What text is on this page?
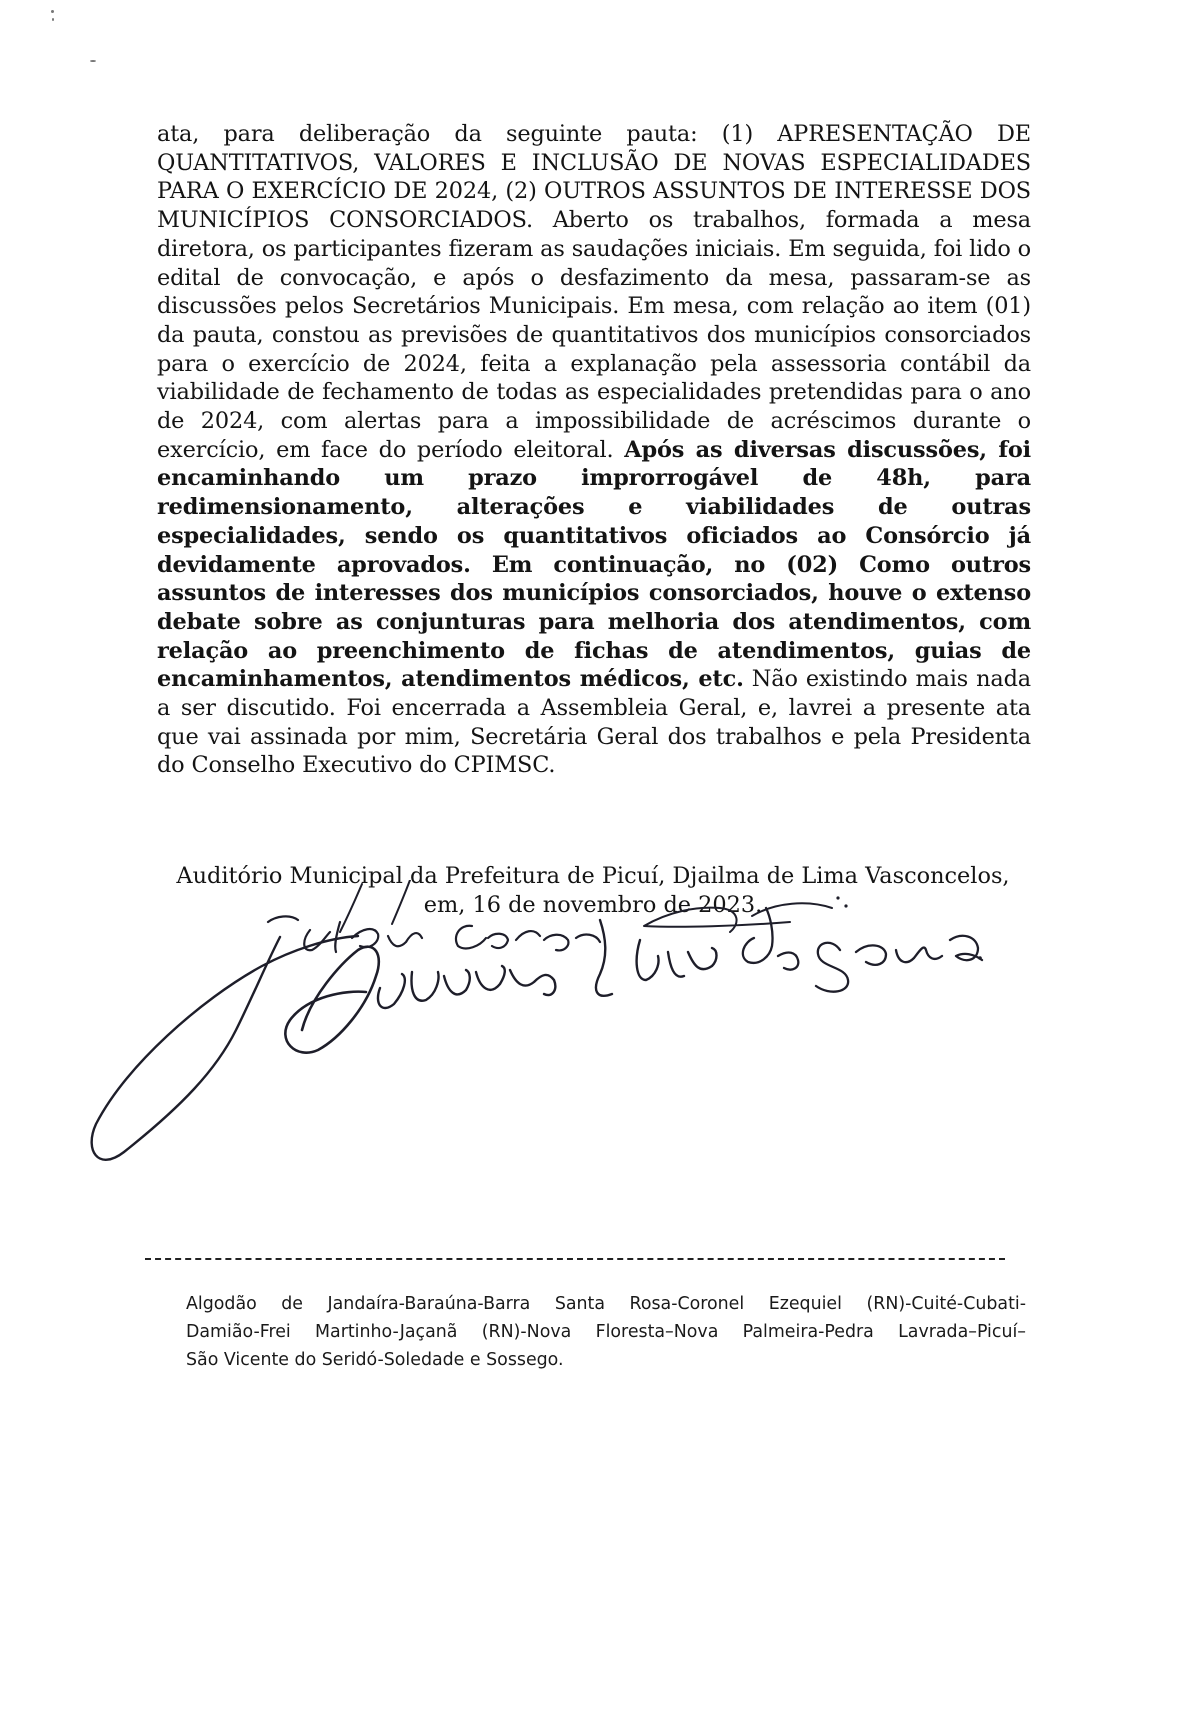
ata, para deliberação da seguinte pauta: (1) APRESENTAÇÃO DE QUANTITATIVOS, VALORES E INCLUSÃO DE NOVAS ESPECIALIDADES PARA O EXERCÍCIO DE 2024, (2) OUTROS ASSUNTOS DE INTERESSE DOS MUNICÍPIOS CONSORCIADOS. Aberto os trabalhos, formada a mesa diretora, os participantes fizeram as saudações iniciais. Em seguida, foi lido o edital de convocação, e após o desfazimento da mesa, passaram-se as discussões pelos Secretários Municipais. Em mesa, com relação ao item (01) da pauta, constou as previsões de quantitativos dos municípios consorciados para o exercício de 2024, feita a explanação pela assessoria contábil da viabilidade de fechamento de todas as especialidades pretendidas para o ano de 2024, com alertas para a impossibilidade de acréscimos durante o exercício, em face do período eleitoral. Após as diversas discussões, foi encaminhando um prazo improrrogável de 48h, para redimensionamento, alterações e viabilidades de outras especialidades, sendo os quantitativos oficiados ao Consórcio já devidamente aprovados. Em continuação, no (02) Como outros assuntos de interesses dos municípios consorciados, houve o extenso debate sobre as conjunturas para melhoria dos atendimentos, com relação ao preenchimento de fichas de atendimentos, guias de encaminhamentos, atendimentos médicos, etc. Não existindo mais nada a ser discutido. Foi encerrada a Assembleia Geral, e, lavrei a presente ata que vai assinada por mim, Secretária Geral dos trabalhos e pela Presidenta do Conselho Executivo do CPIMSC.

Auditório Municipal da Prefeitura de Picuí, Djailma de Lima Vasconcelos,
em, 16 de novembro de 2023.
Algodão de Jandaíra-Baraúna-Barra Santa Rosa-Coronel Ezequiel (RN)-Cuité-Cubati-
Damião-Frei Martinho-Jaçanã (RN)-Nova Floresta–Nova Palmeira-Pedra Lavrada–Picuí–
São Vicente do Seridó-Soledade e Sossego.
